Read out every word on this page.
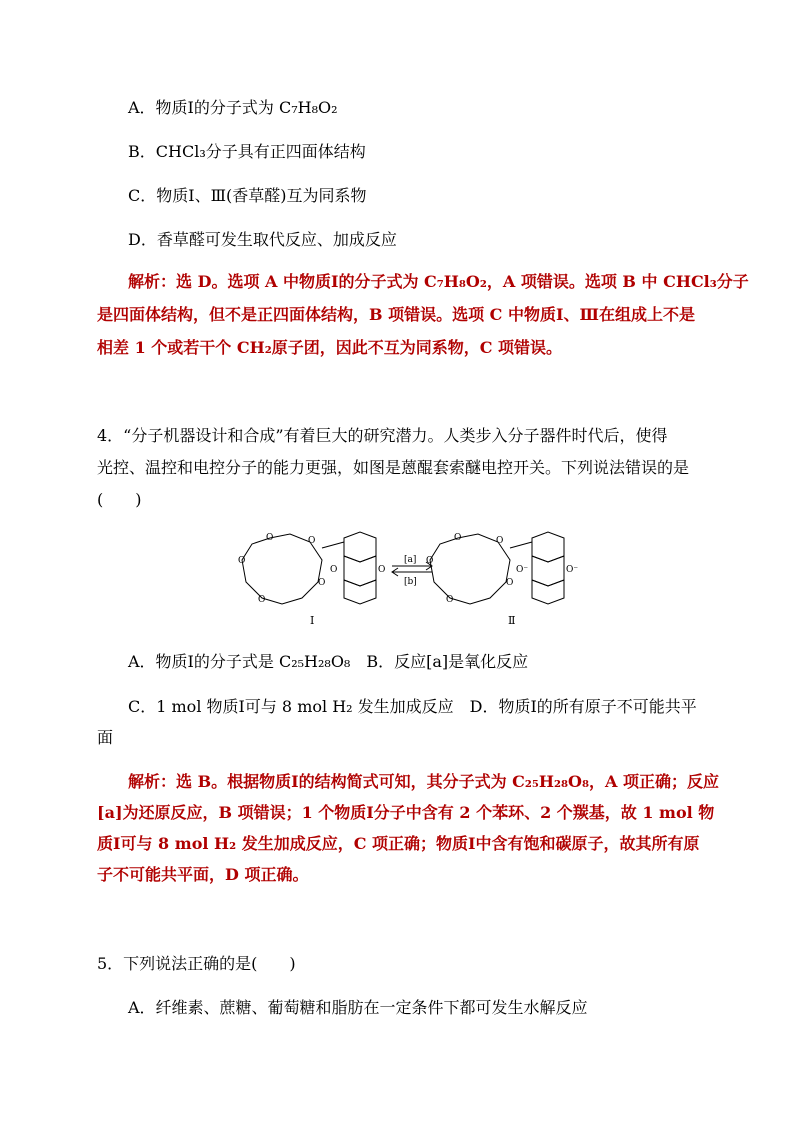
A．物质Ⅰ的分子式为 C₇H₈O₂
B．CHCl₃分子具有正四面体结构
C．物质Ⅰ、Ⅲ(香草醛)互为同系物
D．香草醛可发生取代反应、加成反应
解析：选 D。选项 A 中物质Ⅰ的分子式为 C₇H₈O₂，A 项错误。选项 B 中 CHCl₃分子
是四面体结构，但不是正四面体结构，B 项错误。选项 C 中物质Ⅰ、Ⅲ在组成上不是
相差 1 个或若干个 CH₂原子团，因此不互为同系物，C 项错误。
4．“分子机器设计和合成”有着巨大的研究潜力。人类步入分子器件时代后，使得
光控、温控和电控分子的能力更强，如图是蒽醌套索醚电控开关。下列说法错误的是
(　　)
O	O
O
O
O
O	O
O	O
O
O
O
O⁻	O⁻
[a]
[b]
Ⅰ	Ⅱ
A．物质Ⅰ的分子式是 C₂₅H₂₈O₈　B．反应[a]是氧化反应
C．1 mol 物质Ⅰ可与 8 mol H₂ 发生加成反应　D．物质Ⅰ的所有原子不可能共平
面
解析：选 B。根据物质Ⅰ的结构简式可知，其分子式为 C₂₅H₂₈O₈，A 项正确；反应
[a]为还原反应，B 项错误；1 个物质Ⅰ分子中含有 2 个苯环、2 个羰基，故 1 mol 物
质Ⅰ可与 8 mol H₂ 发生加成反应，C 项正确；物质Ⅰ中含有饱和碳原子，故其所有原
子不可能共平面，D 项正确。
5．下列说法正确的是(　　)
A．纤维素、蔗糖、葡萄糖和脂肪在一定条件下都可发生水解反应
